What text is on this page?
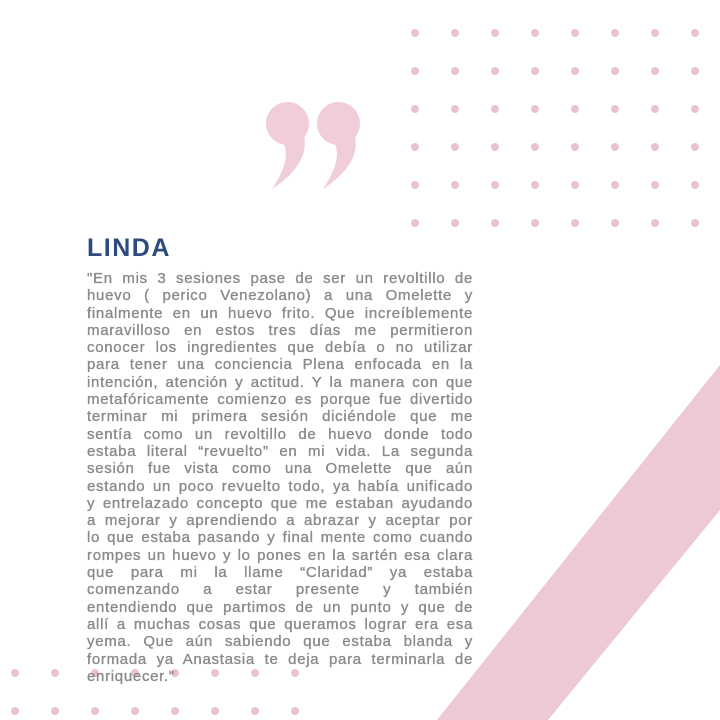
LINDA

"En mis 3 sesiones pase de ser un revoltillo de huevo ( perico Venezolano) a una Omelette y finalmente en un huevo frito. Que increíblemente maravilloso en estos tres días me permitieron conocer los ingredientes que debía o no utilizar para tener una conciencia Plena enfocada en la intención, atención y actitud. Y la manera con que metafóricamente comienzo es porque fue divertido terminar mi primera sesión diciéndole que me sentía como un revoltillo de huevo donde todo estaba literal “revuelto” en mi vida. La segunda sesión fue vista como una Omelette que aún estando un poco revuelto todo, ya había unificado y entrelazado concepto que me estaban ayudando a mejorar y aprendiendo a abrazar y aceptar por lo que estaba pasando y final mente como cuando rompes un huevo y lo pones en la sartén esa clara que para mi la llame “Claridad” ya estaba comenzando a estar presente y también entendiendo que partimos de un punto y que de allí a muchas cosas que queramos lograr era esa yema. Que aún sabiendo que estaba blanda y formada ya Anastasia te deja para terminarla de enriquecer."
